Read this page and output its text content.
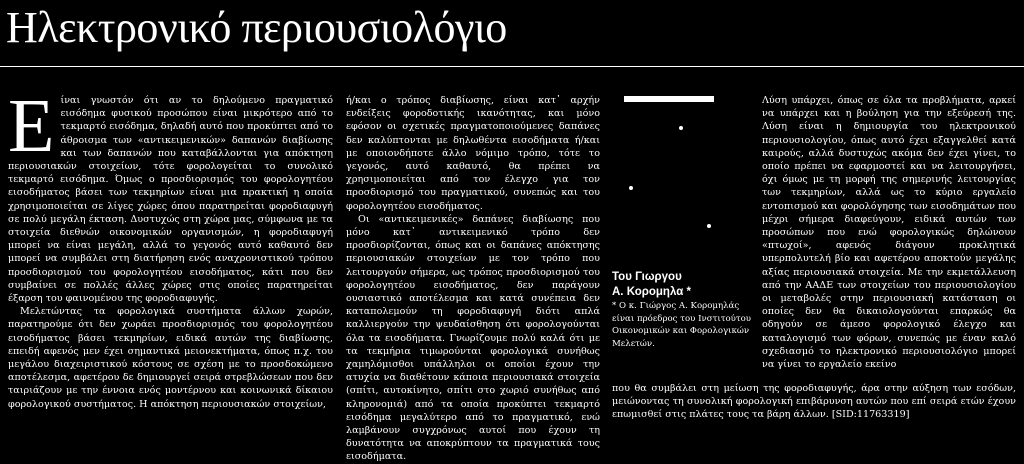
Ηλεκτρονικό περιουσιολόγιο
Ε ίναι γνωστόν ότι αν το δηλούμενο πραγματικό εισόδημα φυσικού προσώπου είναι μικρότερο από το τεκμαρτό εισόδημα, δηλαδή αυτό που προκύπτει από το άθροισμα των «αντικειμενικών» δαπανών διαβίωσης και των δαπανών που καταβάλλονται για απόκτηση περιουσιακών στοιχείων, τότε φορολογείται το συνολικό τεκμαρτό εισόδημα. Όμως ο προσδιορισμός του φορολογητέου εισοδήματος βάσει των τεκμηρίων είναι μια πρακτική η οποία χρησιμοποιείται σε λίγες χώρες όπου παρατηρείται φοροδιαφυγή σε πολύ μεγάλη έκταση. Δυστυχώς στη χώρα μας, σύμφωνα με τα στοιχεία διεθνών οικονομικών οργανισμών, η φοροδιαφυγή μπορεί να είναι μεγάλη, αλλά το γεγονός αυτό καθαυτό δεν μπορεί να συμβάλει στη διατήρηση ενός αναχρονιστικού τρόπου προσδιορισμού του φορολογητέου εισοδήματος, κάτι που δεν συμβαίνει σε πολλές άλλες χώρες στις οποίες παρατηρείται έξαρση του φαινομένου της φοροδιαφυγής.

Μελετώντας τα φορολογικά συστήματα άλλων χωρών, παρατηρούμε ότι δεν χωράει προσδιορισμός του φορολογητέου εισοδήματος βάσει τεκμηρίων, ειδικά αυτών της διαβίωσης, επειδή αφενός μεν έχει σημαντικά μειονεκτήματα, όπως π.χ. του μεγάλου διαχειριστικού κόστους σε σχέση με το προσδοκώμενο αποτέλεσμα, αφετέρου δε δημιουργεί σειρά στρεβλώσεων που δεν ταιριάζουν με την έννοια ενός μοντέρνου και κοινωνικά δίκαιου φορολογικού συστήματος. Η απόκτηση περιουσιακών στοιχείων,

ή/και ο τρόπος διαβίωσης, είναι κατ᾽ αρχήν ενδείξεις φοροδοτικής ικανότητας, και μόνο εφόσον οι σχετικές πραγματοποιούμενες δαπάνες δεν καλύπτονται με δηλωθέντα εισοδήματα ή/και με οποιονδήποτε άλλο νόμιμο τρόπο, τότε το γεγονός, αυτό καθαυτό, θα πρέπει να χρησιμοποιείται από τον έλεγχο για τον προσδιορισμό του πραγματικού, συνεπώς και του φορολογητέου εισοδήματος.

Οι «αντικειμενικές» δαπάνες διαβίωσης που μόνο κατ᾽ αντικειμενικό τρόπο δεν προσδιορίζονται, όπως και οι δαπάνες απόκτησης περιουσιακών στοιχείων με τον τρόπο που λειτουργούν σήμερα, ως τρόπος προσδιορισμού του φορολογητέου εισοδήματος, δεν παράγουν ουσιαστικό αποτέλεσμα και κατά συνέπεια δεν καταπολεμούν τη φοροδιαφυγή διότι απλά καλλιεργούν την ψευδαίσθηση ότι φορολογούνται όλα τα εισοδήματα. Γνωρίζουμε πολύ καλά ότι με τα τεκμήρια τιμωρούνται φορολογικά συνήθως χαμηλόμισθοι υπάλληλοι οι οποίοι έχουν την ατυχία να διαθέτουν κάποια περιουσιακά στοιχεία (σπίτι, αυτοκίνητο, σπίτι στο χωριό συνήθως από κληρονομιά) από τα οποία προκύπτει τεκμαρτό εισόδημα μεγαλύτερο από το πραγματικό, ενώ λαμβάνουν συγχρόνως αυτοί που έχουν τη δυνατότητα να αποκρύπτουν τα πραγματικά τους εισοδήματα.

Του Γιωργου
Α. Κορομηλα *
* Ο κ. Γιώργος Α. Κορομηλάς είναι πρόεδρος του Ινστιτούτου Οικονομικών και Φορολογικών Μελετών.

Λύση υπάρχει, όπως σε όλα τα προβλήματα, αρκεί να υπάρχει και η βούληση για την εξεύρεσή της. Λύση είναι η δημιουργία του ηλεκτρονικού περιουσιολογίου, όπως αυτό έχει εξαγγελθεί κατά καιρούς, αλλά δυστυχώς ακόμα δεν έχει γίνει, το οποίο πρέπει να εφαρμοστεί και να λειτουργήσει, όχι όμως με τη μορφή της σημερινής λειτουργίας των τεκμηρίων, αλλά ως το κύριο εργαλείο εντοπισμού και φορολόγησης των εισοδημάτων που μέχρι σήμερα διαφεύγουν, ειδικά αυτών των προσώπων που ενώ φορολογικώς δηλώνουν «πτωχοί», αφενός διάγουν προκλητικά υπερπολυτελή βίο και αφετέρου αποκτούν μεγάλης αξίας περιουσιακά στοιχεία. Με την εκμετάλλευση από την ΑΑΔΕ των στοιχείων του περιουσιολογίου οι μεταβολές στην περιουσιακή κατάσταση οι οποίες δεν θα δικαιολογούνται επαρκώς θα οδηγούν σε άμεσο φορολογικό έλεγχο και καταλογισμό των φόρων, συνεπώς με έναν καλό σχεδιασμό το ηλεκτρονικό περιουσιολόγιο μπορεί να γίνει το εργαλείο εκείνο

που θα συμβάλει στη μείωση της φοροδιαφυγής, άρα στην αύξηση των εσόδων, μειώνοντας τη συνολική φορολογική επιβάρυνση αυτών που επί σειρά ετών έχουν επωμισθεί στις πλάτες τους τα βάρη άλλων. [SID:11763319]
